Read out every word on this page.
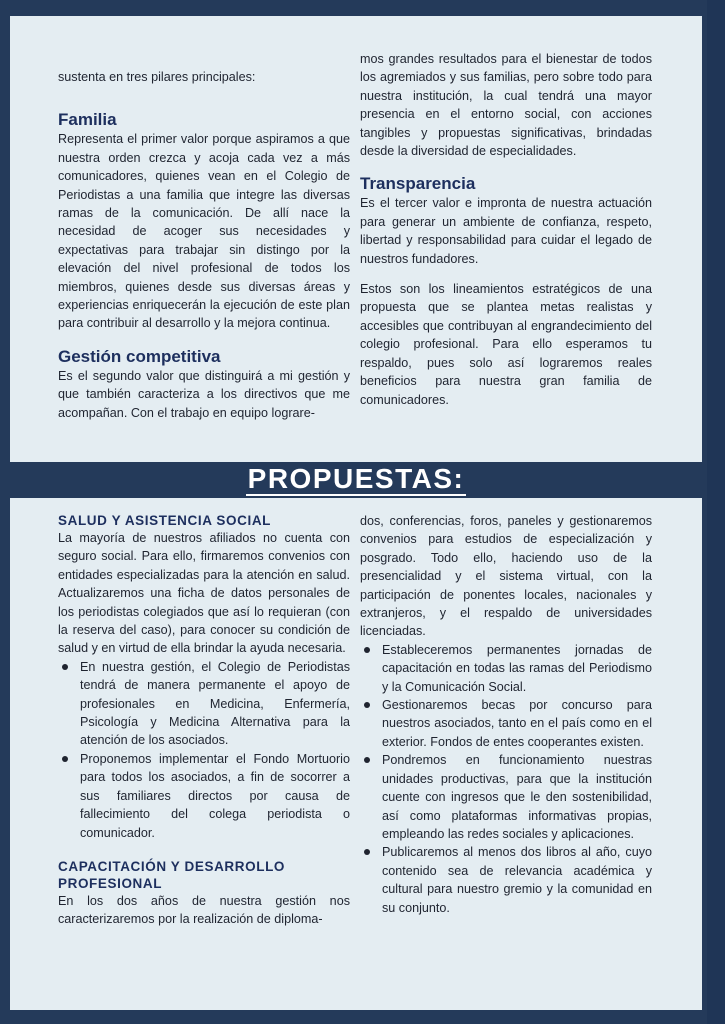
sustenta en tres pilares principales:

Familia

Representa el primer valor porque aspiramos a que nuestra orden crezca y acoja cada vez a más comunicadores, quienes vean en el Colegio de Periodistas a una familia que integre las diversas ramas de la comunicación. De allí nace la necesidad de acoger sus necesidades y expectativas para trabajar sin distingo por la elevación del nivel profesional de todos los miembros, quienes desde sus diversas áreas y experiencias enriquecerán la ejecución de este plan para contribuir al desarrollo y la mejora continua.

Gestión competitiva

Es el segundo valor que distinguirá a mi gestión y que también caracteriza a los directivos que me acompañan. Con el trabajo en equipo lograre-

mos grandes resultados para el bienestar de todos los agremiados y sus familias, pero sobre todo para nuestra institución, la cual tendrá una mayor presencia en el entorno social, con acciones tangibles y propuestas significativas, brindadas desde la diversidad de especialidades.

Transparencia

Es el tercer valor e impronta de nuestra actuación para generar un ambiente de confianza, respeto, libertad y responsabilidad para cuidar el legado de nuestros fundadores.

Estos son los lineamientos estratégicos de una propuesta que se plantea metas realistas y accesibles que contribuyan al engrandecimiento del colegio profesional. Para ello esperamos tu respaldo, pues solo así lograremos reales beneficios para nuestra gran familia de comunicadores.

PROPUESTAS:
SALUD Y ASISTENCIA SOCIAL

La mayoría de nuestros afiliados no cuenta con seguro social. Para ello, firmaremos convenios con entidades especializadas para la atención en salud. Actualizaremos una ficha de datos personales de los periodistas colegiados que así lo requieran (con la reserva del caso), para conocer su condición de salud y en virtud de ella brindar la ayuda necesaria.

En nuestra gestión, el Colegio de Periodistas tendrá de manera permanente el apoyo de profesionales en Medicina, Enfermería, Psicología y Medicina Alternativa para la atención de los asociados.
Proponemos implementar el Fondo Mortuorio para todos los asociados, a fin de socorrer a sus familiares directos por causa de fallecimiento del colega periodista o comunicador.
CAPACITACIÓN Y DESARROLLO
PROFESIONAL

En los dos años de nuestra gestión nos caracterizaremos por la realización de diploma-

dos, conferencias, foros, paneles y gestionaremos convenios para estudios de especialización y posgrado. Todo ello, haciendo uso de la presencialidad y el sistema virtual, con la participación de ponentes locales, nacionales y extranjeros, y el respaldo de universidades licenciadas.

Estableceremos permanentes jornadas de capacitación en todas las ramas del Periodismo y la Comunicación Social.
Gestionaremos becas por concurso para nuestros asociados, tanto en el país como en el exterior. Fondos de entes cooperantes existen.
Pondremos en funcionamiento nuestras unidades productivas, para que la institución cuente con ingresos que le den sostenibilidad, así como plataformas informativas propias, empleando las redes sociales y aplicaciones.
Publicaremos al menos dos libros al año, cuyo contenido sea de relevancia académica y cultural para nuestro gremio y la comunidad en su conjunto.
